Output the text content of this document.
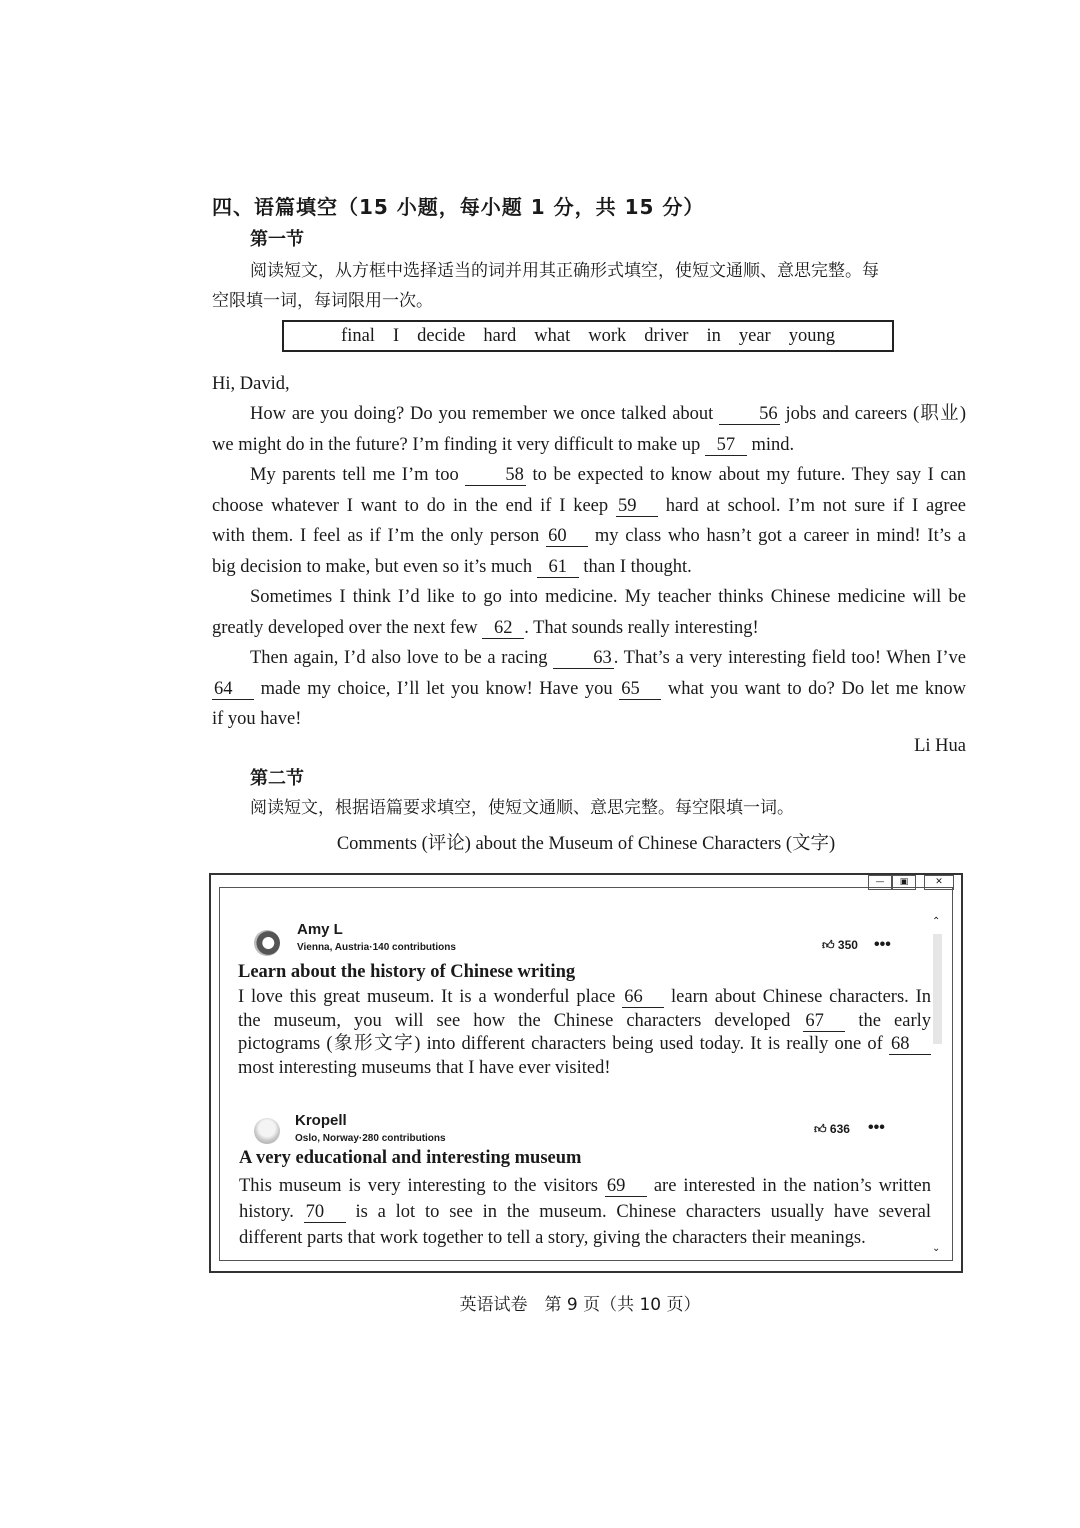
四、语篇填空（15 小题，每小题 1 分，共 15 分）
第一节
阅读短文，从方框中选择适当的词并用其正确形式填空，使短文通顺、意思完整。每
空限填一词，每词限用一次。
final I decide hard what work driver in year young
Hi, David,
How are you doing? Do you remember we once talked about 56 jobs and careers (职业)
we might do in the future? I’m finding it very difficult to make up 57 mind.
My parents tell me I’m too	58 to be expected to know about my future. They say I can
choose whatever I want to do in the end if I keep 59 hard at school. I’m not sure if I agree
with them. I feel as if I’m the only person 60 my class who hasn’t got a career in mind! It’s a
big decision to make, but even so it’s much 61 than I thought.
Sometimes I think I’d like to go into medicine. My teacher thinks Chinese medicine will be
greatly developed over the next few 62 . That sounds really interesting!
Then again, I’d also love to be a racing 63 . That’s a very interesting field too! When I’ve
64 made my choice, I’ll let you know! Have you 65 what you want to do? Do let me know
if you have!
Li Hua
第二节
阅读短文，根据语篇要求填空，使短文通顺、意思完整。每空限填一词。
Comments (评论) about the Museum of Chinese Characters (文字)
—	▣	✕
⌃
⌄
Amy L
Vienna, Austria·140 contributions	👍︎ 350 •••
Learn about the history of Chinese writing
I love this great museum. It is a wonderful place 66 learn about Chinese characters. In
the museum, you will see how the Chinese characters developed 67 the early
pictograms (象形文字) into different characters being used today. It is really one of 68
most interesting museums that I have ever visited!
Kropell
Oslo, Norway·280 contributions
👍︎ 636 •••
A very educational and interesting museum
This museum is very interesting to the visitors 69 are interested in the nation’s written
history. 70 is a lot to see in the museum. Chinese characters usually have several
different parts that work together to tell a story, giving the characters their meanings.
英语试卷　第 9 页（共 10 页）
